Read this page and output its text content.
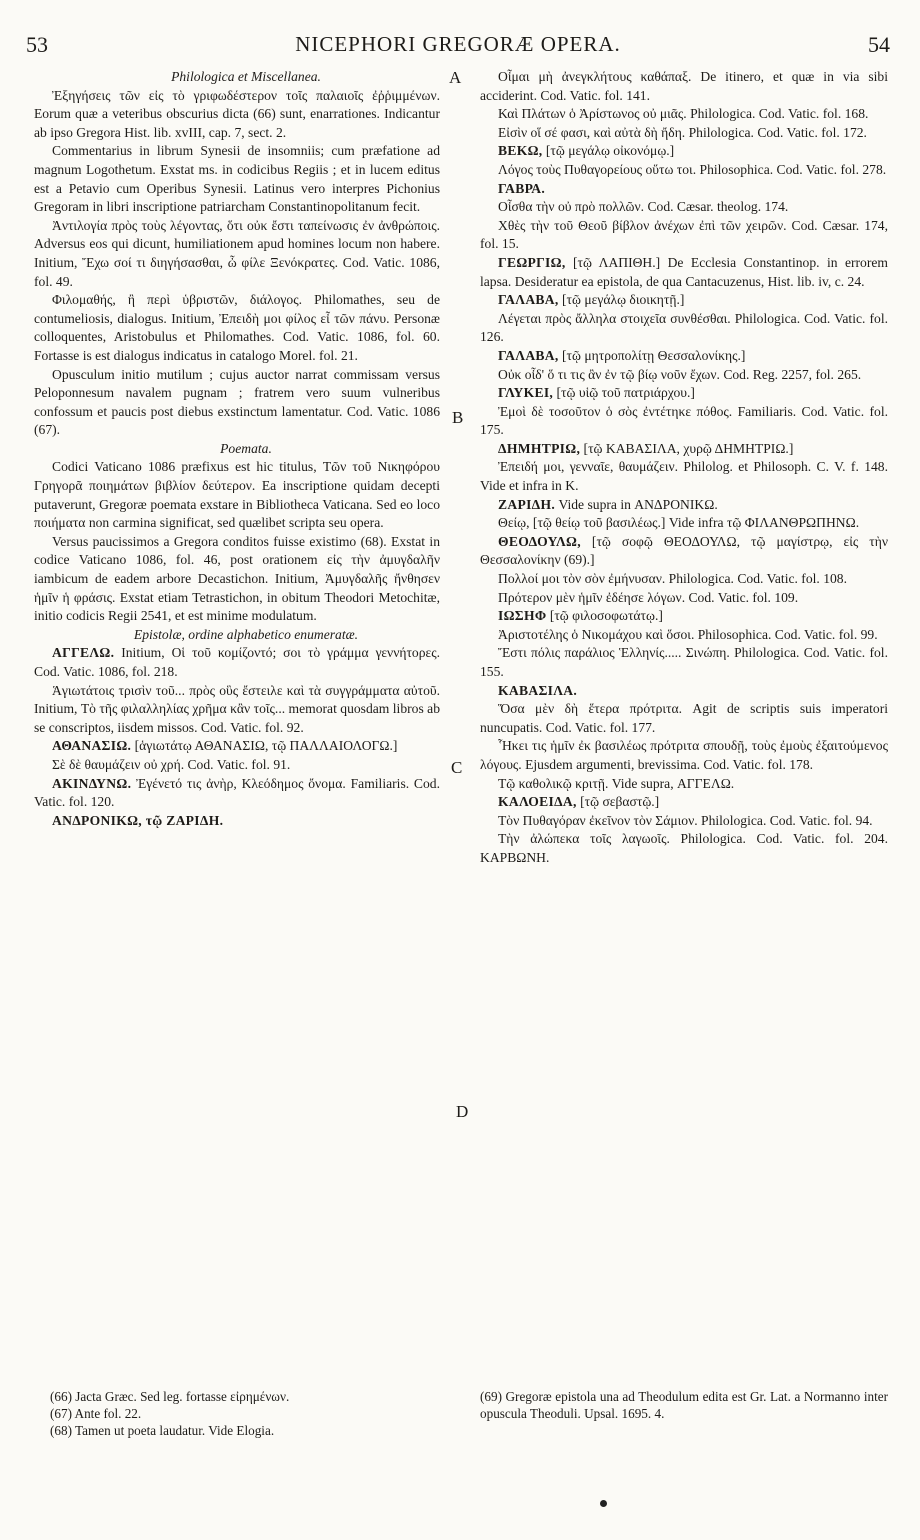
53	NICEPHORI GREGORÆ OPERA.	54
A
B
C
D

Philologica et Miscellanea.

Ἐξηγήσεις τῶν εἰς τὸ γριφωδέστερον τοῖς παλαιοῖς ἐῤῥιμμένων. Eorum quæ a veteribus obscurius dicta (66) sunt, enarrationes. Indicantur ab ipso Gregora Hist. lib. xvIII, cap. 7, sect. 2.

Commentarius in librum Synesii de insomniis; cum præfatione ad magnum Logothetum. Exstat ms. in codicibus Regiis ; et in lucem editus est a Petavio cum Operibus Synesii. Latinus vero interpres Pichonius Gregoram in libri inscriptione patriarcham Constantinopolitanum fecit.

Ἀντιλογία πρὸς τοὺς λέγοντας, ὅτι οὐκ ἔστι ταπείνωσις ἐν ἀνθρώποις. Adversus eos qui dicunt, humiliationem apud homines locum non habere. Initium, Ἔχω σοί τι διηγήσασθαι, ὦ φίλε Ξενόκρατες. Cod. Vatic. 1086, fol. 49.

Φιλομαθής, ἢ περὶ ὑβριστῶν, διάλογος. Philomathes, seu de contumeliosis, dialogus. Initium, Ἐπειδὴ μοι φίλος εἶ τῶν πάνυ. Personæ colloquentes, Aristobulus et Philomathes. Cod. Vatic. 1086, fol. 60. Fortasse is est dialogus indicatus in catalogo Morel. fol. 21.

Opusculum initio mutilum ; cujus auctor narrat commissam versus Peloponnesum navalem pugnam ; fratrem vero suum vulneribus confossum et paucis post diebus exstinctum lamentatur. Cod. Vatic. 1086 (67).

Poemata.

Codici Vaticano 1086 præfixus est hic titulus, Τῶν τοῦ Νικηφόρου Γρηγορᾶ ποιημάτων βιβλίον δεύτερον. Ea inscriptione quidam decepti putaverunt, Gregoræ poemata exstare in Bibliotheca Vaticana. Sed eo loco ποιήματα non carmina significat, sed quælibet scripta seu opera.

Versus paucissimos a Gregora conditos fuisse existimo (68). Exstat in codice Vaticano 1086, fol. 46, post orationem εἰς τὴν ἀμυγδαλῆν iambicum de eadem arbore Decastichon. Initium, Ἀμυγδαλῆς ἤνθησεν ἡμῖν ἡ φράσις. Exstat etiam Tetrastichon, in obitum Theodori Metochitæ, initio codicis Regii 2541, et est minime modulatum.

Epistolæ, ordine alphabetico enumeratæ.

ΑΓΓΕΛΩ. Initium, Οἱ τοῦ κομίζοντό; σοι τὸ γράμμα γεννήτορες. Cod. Vatic. 1086, fol. 218.

Ἁγιωτάτοις τρισὶν τοῦ... πρὸς οὓς ἔστειλε καὶ τὰ συγγράμματα αὐτοῦ. Initium, Τὸ τῆς φιλαλληλίας χρῆμα κἂν τοῖς... memorat quosdam libros ab se conscriptos, iisdem missos. Cod. Vatic. fol. 92.

ΑΘΑΝΑΣΙΩ. [ἁγιωτάτῳ ΑΘΑΝΑΣΙΩ, τῷ ΠΑΛΛΑΙΟΛΟΓΩ.]

Σὲ δὲ θαυμάζειν οὐ χρή. Cod. Vatic. fol. 91.

ΑΚΙΝΔΥΝΩ. Ἐγένετό τις ἀνὴρ, Κλεόδημος ὄνομα. Familiaris. Cod. Vatic. fol. 120.

ΑΝΔΡΟΝΙΚΩ, τῷ ΖΑΡΙΔΗ.

Οἶμαι μὴ ἀνεγκλήτους καθάπαξ. De itinero, et quæ in via sibi acciderint. Cod. Vatic. fol. 141.

Καὶ Πλάτων ὁ Ἀρίστωνος οὐ μιᾶς. Philologica. Cod. Vatic. fol. 168.

Εἰσὶν οἵ σέ φασι, καὶ αὐτὰ δὴ ἤδη. Philologica. Cod. Vatic. fol. 172.

ΒΕΚΩ, [τῷ μεγάλῳ οἰκονόμῳ.]

Λόγος τοὺς Πυθαγορείους οὕτω τοι. Philosophica. Cod. Vatic. fol. 278.

ΓΑΒΡΑ.

Οἶσθα τὴν οὐ πρὸ πολλῶν. Cod. Cæsar. theolog. 174.

Χθὲς τὴν τοῦ Θεοῦ βίβλον ἀνέχων ἐπὶ τῶν χειρῶν. Cod. Cæsar. 174, fol. 15.

ΓΕΩΡΓΙΩ, [τῷ ΛΑΠΙΘΗ.] De Ecclesia Constantinop. in errorem lapsa. Desideratur ea epistola, de qua Cantacuzenus, Hist. lib. iv, c. 24.

ΓΑΛΑΒΑ, [τῷ μεγάλῳ διοικητῇ.]

Λέγεται πρὸς ἄλληλα στοιχεῖα συνθέσθαι. Philologica. Cod. Vatic. fol. 126.

ΓΑΛΑΒΑ, [τῷ μητροπολίτῃ Θεσσαλονίκης.]

Οὐκ οἶδ' ὅ τι τις ἂν ἐν τῷ βίῳ νοῦν ἔχων. Cod. Reg. 2257, fol. 265.

ΓΛΥΚΕΙ, [τῷ υἱῷ τοῦ πατριάρχου.]

Ἐμοὶ δὲ τοσοῦτον ὁ σὸς ἐντέτηκε πόθος. Familiaris. Cod. Vatic. fol. 175.

ΔΗΜΗΤΡΙΩ, [τῷ ΚΑΒΑΣΙΛΑ, χυρῷ ΔΗΜΗΤΡΙΩ.]

Ἐπειδή μοι, γενναῖε, θαυμάζειν. Philolog. et Philosoph. C. V. f. 148. Vide et infra in K.

ΖΑΡΙΔΗ. Vide supra in ΑΝΔΡΟΝΙΚΩ.

Θείῳ, [τῷ θείῳ τοῦ βασιλέως.] Vide infra τῷ ΦΙΛΑΝΘΡΩΠΗΝΩ.

ΘΕΟΔΟΥΛΩ, [τῷ σοφῷ ΘΕΟΔΟΥΛΩ, τῷ μαγίστρῳ, εἰς τὴν Θεσσαλονίκην (69).]

Πολλοί μοι τὸν σὸν ἐμήνυσαν. Philologica. Cod. Vatic. fol. 108.

Πρότερον μὲν ἡμῖν ἐδέησε λόγων. Cod. Vatic. fol. 109.

ΙΩΣΗΦ [τῷ φιλοσοφωτάτῳ.]

Ἀριστοτέλης ὁ Νικομάχου καὶ ὅσοι. Philosophica. Cod. Vatic. fol. 99.

Ἔστι πόλις παράλιος Ἑλληνίς..... Σινώπη. Philologica. Cod. Vatic. fol. 155.

ΚΑΒΑΣΙΛΑ.

Ὅσα μὲν δὴ ἕτερα πρότριτα. Agit de scriptis suis imperatori nuncupatis. Cod. Vatic. fol. 177.

Ἧκει τις ἡμῖν ἐκ βασιλέως πρότριτα σπουδῇ, τοὺς ἐμοὺς ἐξαιτούμενος λόγους. Ejusdem argumenti, brevissima. Cod. Vatic. fol. 178.

Τῷ καθολικῷ κριτῇ. Vide supra, ΑΓΓΕΛΩ.

ΚΑΛΟΕΙΔΑ, [τῷ σεβαστῷ.]

Τὸν Πυθαγόραν ἐκεῖνον τὸν Σάμιον. Philologica. Cod. Vatic. fol. 94.

Τὴν ἀλώπεκα τοῖς λαγωοῖς. Philologica. Cod. Vatic. fol. 204. ΚΑΡΒΩΝΗ.

(66) Jacta Græc. Sed leg. fortasse εἰρημένων.

(67) Ante fol. 22.

(68) Tamen ut poeta laudatur. Vide Elogia.

(69) Gregoræ epistola una ad Theodulum edita est Gr. Lat. a Normanno inter opuscula Theoduli. Upsal. 1695. 4.
